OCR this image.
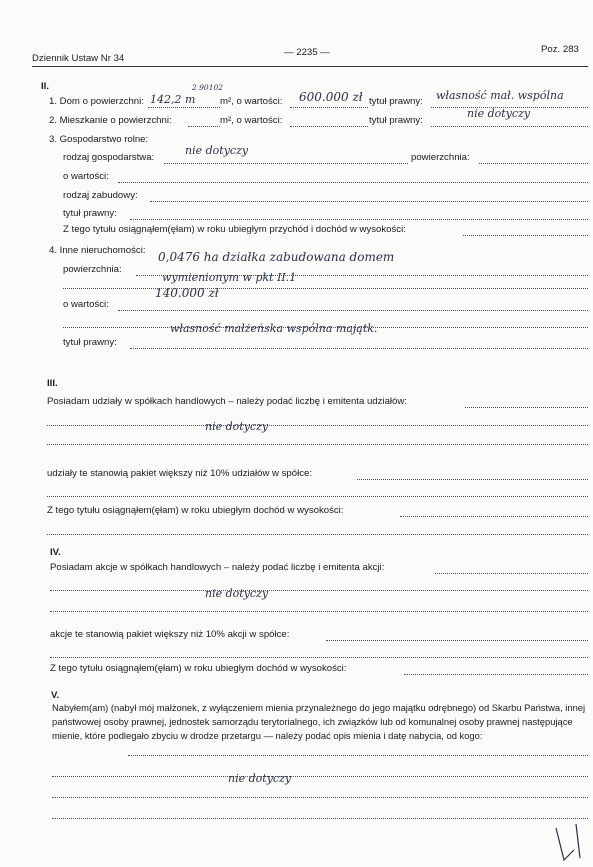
Dziennik Ustaw Nr 34
— 2235 —	Poz. 283
II.
1. Dom o powierzchni: 142,2 m
2 90102
m², o wartości: 600.000 zł tytuł prawny: własność mał. wspólna
2. Mieszkanie o powierzchni:	m², o wartości:	tytuł prawny:
nie dotyczy
3. Gospodarstwo rolne:
rodzaj gospodarstwa:
nie dotyczy
powierzchnia:
o wartości:
rodzaj zabudowy:
tytuł prawny:
Z tego tytułu osiągnąłem(ęłam) w roku ubiegłym przychód i dochód w wysokości:
4. Inne nieruchomości:
powierzchnia:
0,0476 ha działka zabudowana domem
wymienionym w pkt II.1
o wartości:
140.000 zł
tytuł prawny:
własność małżeńska wspólna majątk.
III.
Posiadam udziały w spółkach handlowych – należy podać liczbę i emitenta udziałów:
nie dotyczy
udziały te stanowią pakiet większy niż 10% udziałów w spółce:
Z tego tytułu osiągnąłem(ęłam) w roku ubiegłym dochód w wysokości:
IV.
Posiadam akcje w spółkach handlowych – należy podać liczbę i emitenta akcji:
nie dotyczy
akcje te stanowią pakiet większy niż 10% akcji w spółce:
Z tego tytułu osiągnąłem(ęłam) w roku ubiegłym dochód w wysokości:
V.
Nabyłem(am) (nabył mój małżonek, z wyłączeniem mienia przynależnego do jego majątku odrębnego) od Skarbu Państwa, innej państwowej osoby prawnej, jednostek samorządu terytorialnego, ich związków lub od komunalnej osoby prawnej następujące mienie, które podlegało zbyciu w drodze przetargu — należy podać opis mienia i datę nabycia, od kogo:
nie dotyczy
